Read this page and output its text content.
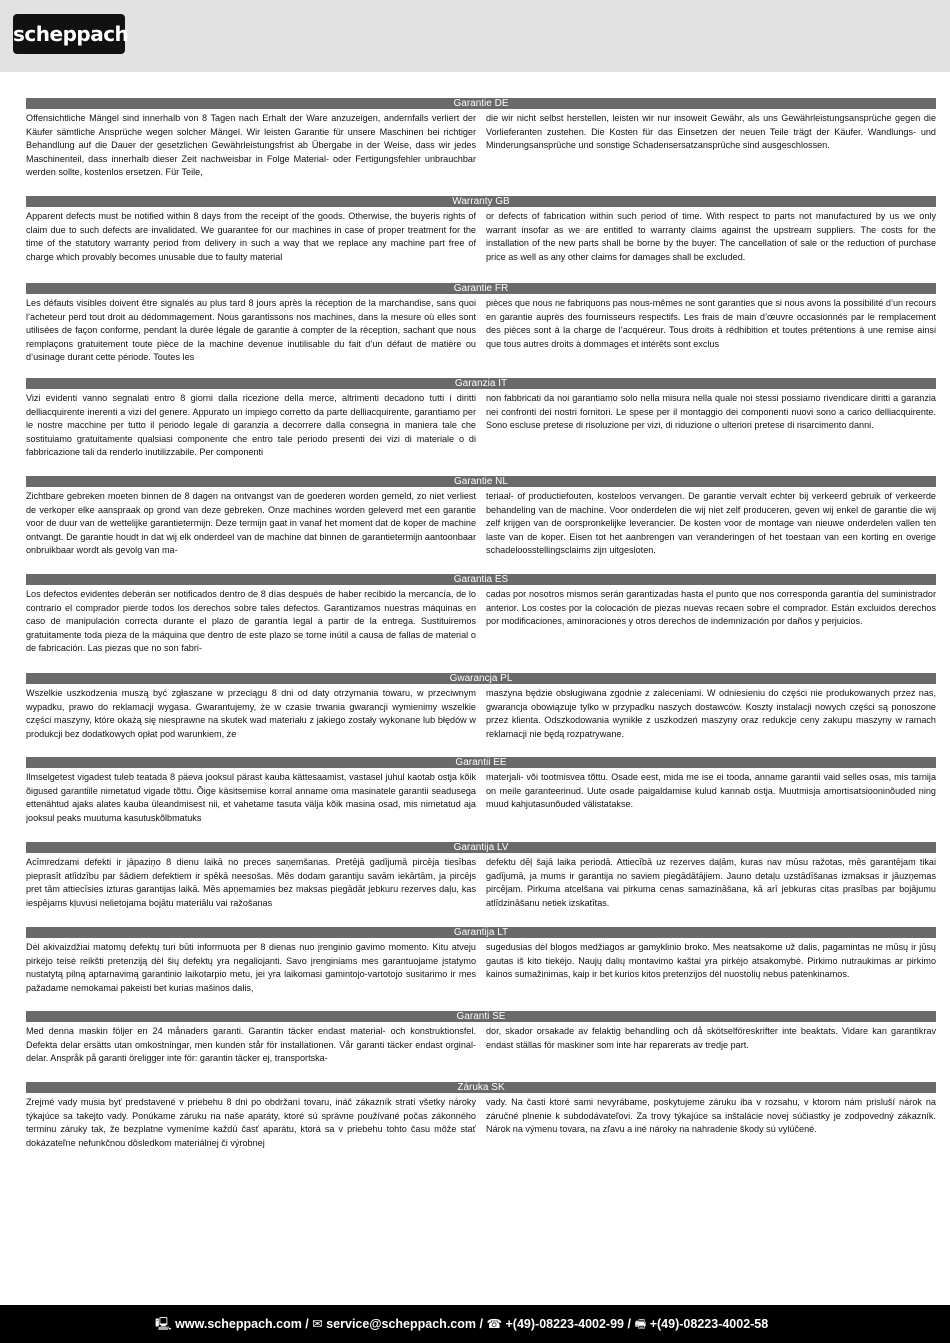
scheppach
Garantie DE
Offensichtliche Mängel sind innerhalb von 8 Tagen nach Erhalt der Ware anzuzeigen, andernfalls verliert der Käufer sämtliche Ansprüche wegen solcher Mängel. Wir leisten Garantie für unsere Maschinen bei richtiger Behandlung auf die Dauer der gesetzlichen Gewährleistungsfrist ab Übergabe in der Weise, dass wir jedes Maschinenteil, dass innerhalb dieser Zeit nachweisbar in Folge Material- oder Fertigungsfehler unbrauchbar werden sollte, kostenlos ersetzen. Für Teile,
die wir nicht selbst herstellen, leisten wir nur insoweit Gewähr, als uns Gewährleistungsansprüche gegen die Vorlieferanten zustehen. Die Kosten für das Einsetzen der neuen Teile trägt der Käufer. Wandlungs- und Minderungsansprüche und sonstige Schadensersatzansprüche sind ausgeschlossen.
Warranty GB
Apparent defects must be notified within 8 days from the receipt of the goods. Otherwise, the buyeris rights of claim due to such defects are invalidated. We guarantee for our machines in case of proper treatment for the time of the statutory warranty period from delivery in such a way that we replace any machine part free of charge which provably becomes unusable due to faulty material
or defects of fabrication within such period of time. With respect to parts not manufactured by us we only warrant insofar as we are entitled to warranty claims against the upstream suppliers. The costs for the installation of the new parts shall be borne by the buyer. The cancellation of sale or the reduction of purchase price as well as any other claims for damages shall be excluded.
Garantie FR
Les défauts visibles doivent être signalés au plus tard 8 jours après la réception de la marchandise, sans quoi l’acheteur perd tout droit au dédommagement. Nous garantissons nos machines, dans la mesure où elles sont utilisées de façon conforme, pendant la durée légale de garantie à compter de la réception, sachant que nous remplaçons gratuitement toute pièce de la machine devenue inutilisable du fait d’un défaut de matière ou d’usinage durant cette période. Toutes les
pièces que nous ne fabriquons pas nous-mêmes ne sont garanties que si nous avons la possibilité d’un recours en garantie auprès des fournisseurs respectifs. Les frais de main d’œuvre occasionnés par le remplacement des pièces sont à la charge de l’acquéreur. Tous droits à rédhibition et toutes prétentions à une remise ainsi que tous autres droits à dommages et intérêts sont exclus
Garanzia IT
Vizi evidenti vanno segnalati entro 8 giorni dalla ricezione della merce, altrimenti decadono tutti i diritti delliacquirente inerenti a vizi del genere. Appurato un impiego corretto da parte delliacquirente, garantiamo per le nostre macchine per tutto il periodo legale di garanzia a decorrere dalla consegna in maniera tale che sostituiamo gratuitamente qualsiasi componente che entro tale periodo presenti dei vizi di materiale o di fabbricazione tali da renderlo inutilizzabile. Per componenti
non fabbricati da noi garantiamo solo nella misura nella quale noi stessi possiamo rivendicare diritti a garanzia nei confronti dei nostri fornitori. Le spese per il montaggio dei componenti nuovi sono a carico delliacquirente. Sono escluse pretese di risoluzione per vizi, di riduzione o ulteriori pretese di risarcimento danni.
Garantie NL
Zichtbare gebreken moeten binnen de 8 dagen na ontvangst van de goederen worden gemeld, zo niet verliest de verkoper elke aanspraak op grond van deze gebreken. Onze machines worden geleverd met een garantie voor de duur van de wettelijke garantietermijn. Deze termijn gaat in vanaf het moment dat de koper de machine ontvangt. De garantie houdt in dat wij elk onderdeel van de machine dat binnen de garantietermijn aantoonbaar onbruikbaar wordt als gevolg van ma-
teriaal- of productiefouten, kosteloos vervangen. De garantie vervalt echter bij verkeerd gebruik of verkeerde behandeling van de machine. Voor onderdelen die wij niet zelf produceren, geven wij enkel de garantie die wij zelf krijgen van de oorspronkelijke leverancier. De kosten voor de montage van nieuwe onderdelen vallen ten laste van de koper. Eisen tot het aanbrengen van veranderingen of het toestaan van een korting en overige schadeloosstellingsclaims zijn uitgesloten.
Garantia ES
Los defectos evidentes deberán ser notificados dentro de 8 días después de haber recibido la mercancía, de lo contrario el comprador pierde todos los derechos sobre tales defectos. Garantizamos nuestras máquinas en caso de manipulación correcta durante el plazo de garantía legal a partir de la entrega. Sustituiremos gratuitamente toda pieza de la máquina que dentro de este plazo se torne inútil a causa de fallas de material o de fabricación. Las piezas que no son fabri-
cadas por nosotros mismos serán garantizadas hasta el punto que nos corresponda garantía del suministrador anterior. Los costes por la colocación de piezas nuevas recaen sobre el comprador. Están excluidos derechos por modificaciones, aminoraciones y otros derechos de indemnización por daños y perjuicios.
Gwarancja PL
Wszelkie uszkodzenia muszą być zgłaszane w przeciągu 8 dni od daty otrzymania towaru, w przeciwnym wypadku, prawo do reklamacji wygasa. Gwarantujemy, że w czasie trwania gwarancji wymienimy wszelkie części maszyny, które okażą się niesprawne na skutek wad materiału z jakiego zostały wykonane lub błędów w produkcji bez dodatkowych opłat pod warunkiem, że
maszyna będzie obsługiwana zgodnie z zaleceniami. W odniesieniu do części nie produkowanych przez nas, gwarancja obowiązuje tylko w przypadku naszych dostawców. Koszty instalacji nowych części są ponoszone przez klienta. Odszkodowania wynikłe z uszkodzeń maszyny oraz redukcje ceny zakupu maszyny w ramach reklamacji nie będą rozpatrywane.
Garantii EE
Ilmselgetest vigadest tuleb teatada 8 päeva jooksul pärast kauba kättesaamist, vastasel juhul kaotab ostja kõik õigused garantiile nimetatud vigade tõttu. Õige käsitsemise korral anname oma masinatele garantii seadusega ettenähtud ajaks alates kauba üleandmisest nii, et vahetame tasuta välja kõik masina osad, mis nimetatud aja jooksul peaks muutuma kasutuskõlbmatuks
materjali- või tootmisvea tõttu. Osade eest, mida me ise ei tooda, anname garantii vaid selles osas, mis tarnija on meile garanteerinud. Uute osade paigaldamise kulud kannab ostja. Muutmisja amortisatsiooninõuded ning muud kahjutasunõuded välistatakse.
Garantija LV
Acīmredzami defekti ir jāpaziņo 8 dienu laikā no preces saņemšanas. Pretējā gadījumā pircēja tiesības pieprasīt atlīdzību par šādiem defektiem ir spēkā neesošas. Mēs dodam garantiju savām iekārtām, ja pircējs pret tām attiecīsies izturas garantijas laikā. Mēs apņemamies bez maksas piegādāt jebkuru rezerves daļu, kas iespējams kļuvusi nelietojama bojātu materiālu vai ražošanas
defektu dēļ šajā laika periodā. Attiecībā uz rezerves daļām, kuras nav mūsu ražotas, mēs garantējam tikai gadījumā, ja mums ir garantija no saviem piegādātājiem. Jauno detaļu uzstādīšanas izmaksas ir jāuzņemas pircējam. Pirkuma atcelšana vai pirkuma cenas samazināšana, kā arī jebkuras citas prasības par bojājumu atlīdzināšanu netiek izskatītas.
Garantija LT
Dėl akivaizdžiai matomų defektų turi būti informuota per 8 dienas nuo įrenginio gavimo momento. Kitu atveju pirkėjo teisė reikšti pretenziją dėl šių defektų yra negaliojanti. Savo įrenginiams mes garantuojame įstatymo nustatytą pilną aptarnavimą garantinio laikotarpio metu, jei yra laikomasi gamintojo-vartotojo susitarimo ir mes pažadame nemokamai pakeisti bet kurias mašinos dalis,
sugedusias dėl blogos medžiagos ar gamyklinio broko. Mes neatsakome už dalis, pagamintas ne mūsų ir jūsų gautas iš kito tiekėjo. Naujų dalių montavimo kaštai yra pirkėjo atsakomybė. Pirkimo nutraukimas ar pirkimo kainos sumažinimas, kaip ir bet kurios kitos pretenzijos dėl nuostolių nebus patenkinamos.
Garanti SE
Med denna maskin följer en 24 månaders garanti. Garantin täcker endast material- och konstruktionsfel. Defekta delar ersätts utan omkostningar, men kunden står för installationen. Vår garanti täcker endast orginal-delar. Anspråk på garanti öreligger inte för: garantin täcker ej, transportska-
dor, skador orsakade av felaktig behandling och då skötselföreskrifter inte beaktats. Vidare kan garantikrav endast ställas för maskiner som inte har reparerats av tredje part.
Záruka SK
Zrejmé vady musia byť predstavené v priebehu 8 dni po obdržaní tovaru, ináč zákazník stratí všetky nároky týkajúce sa takejto vady. Ponúkame záruku na naše aparáty, ktoré sú správne používané počas zákonného terminu záruky tak, že bezplatne vymeníme každú časť aparátu, ktorá sa v priebehu tohto času môže stať dokázateľne nefunkčnou dôsledkom materiálnej či výrobnej
vady. Na časti ktoré sami nevyrábame, poskytujeme záruku iba v rozsahu, v ktorom nám prisluší nárok na záručné plnenie k subdodávateľovi. Za trovy týkajúce sa inštalácie novej súčiastky je zodpovedný zákazník. Nárok na výmenu tovara, na zľavu a iné nároky na nahradenie škody sú vylúčené.
🖳 www.scheppach.com / ✉ service@scheppach.com / ☎ +(49)-08223-4002-99 / 🖷 +(49)-08223-4002-58
